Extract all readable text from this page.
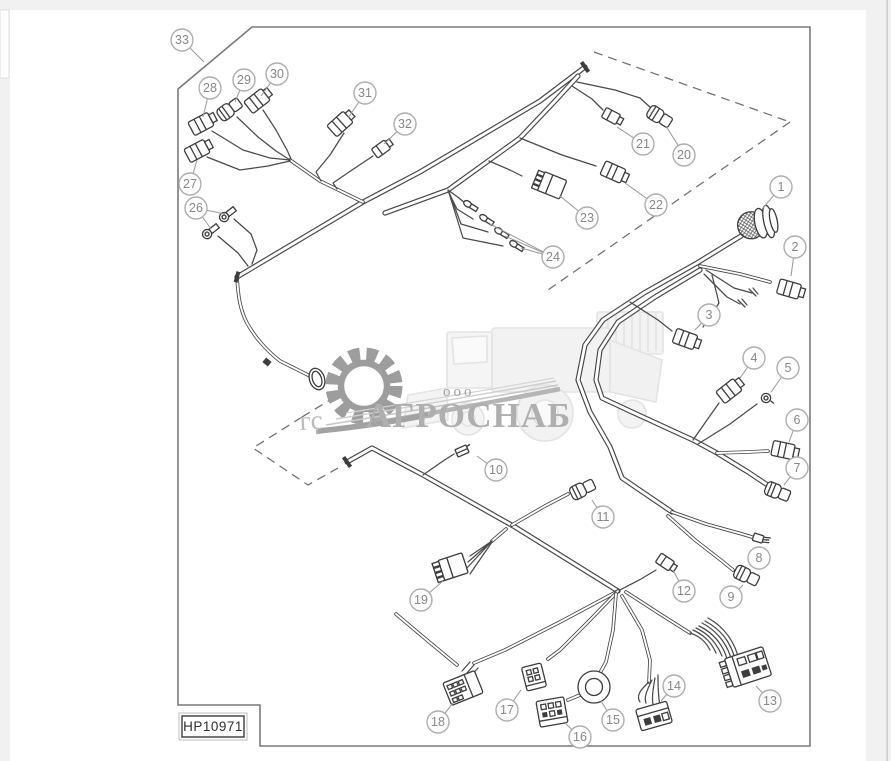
ооо
АГРОСНАБ
гс
HP10971
33
28
29 30
31
32
27
26
21
20
22
23
24
1
2
3
4
5
6
7
8
9
10
11
12
19
18
17
16
15
14
13
